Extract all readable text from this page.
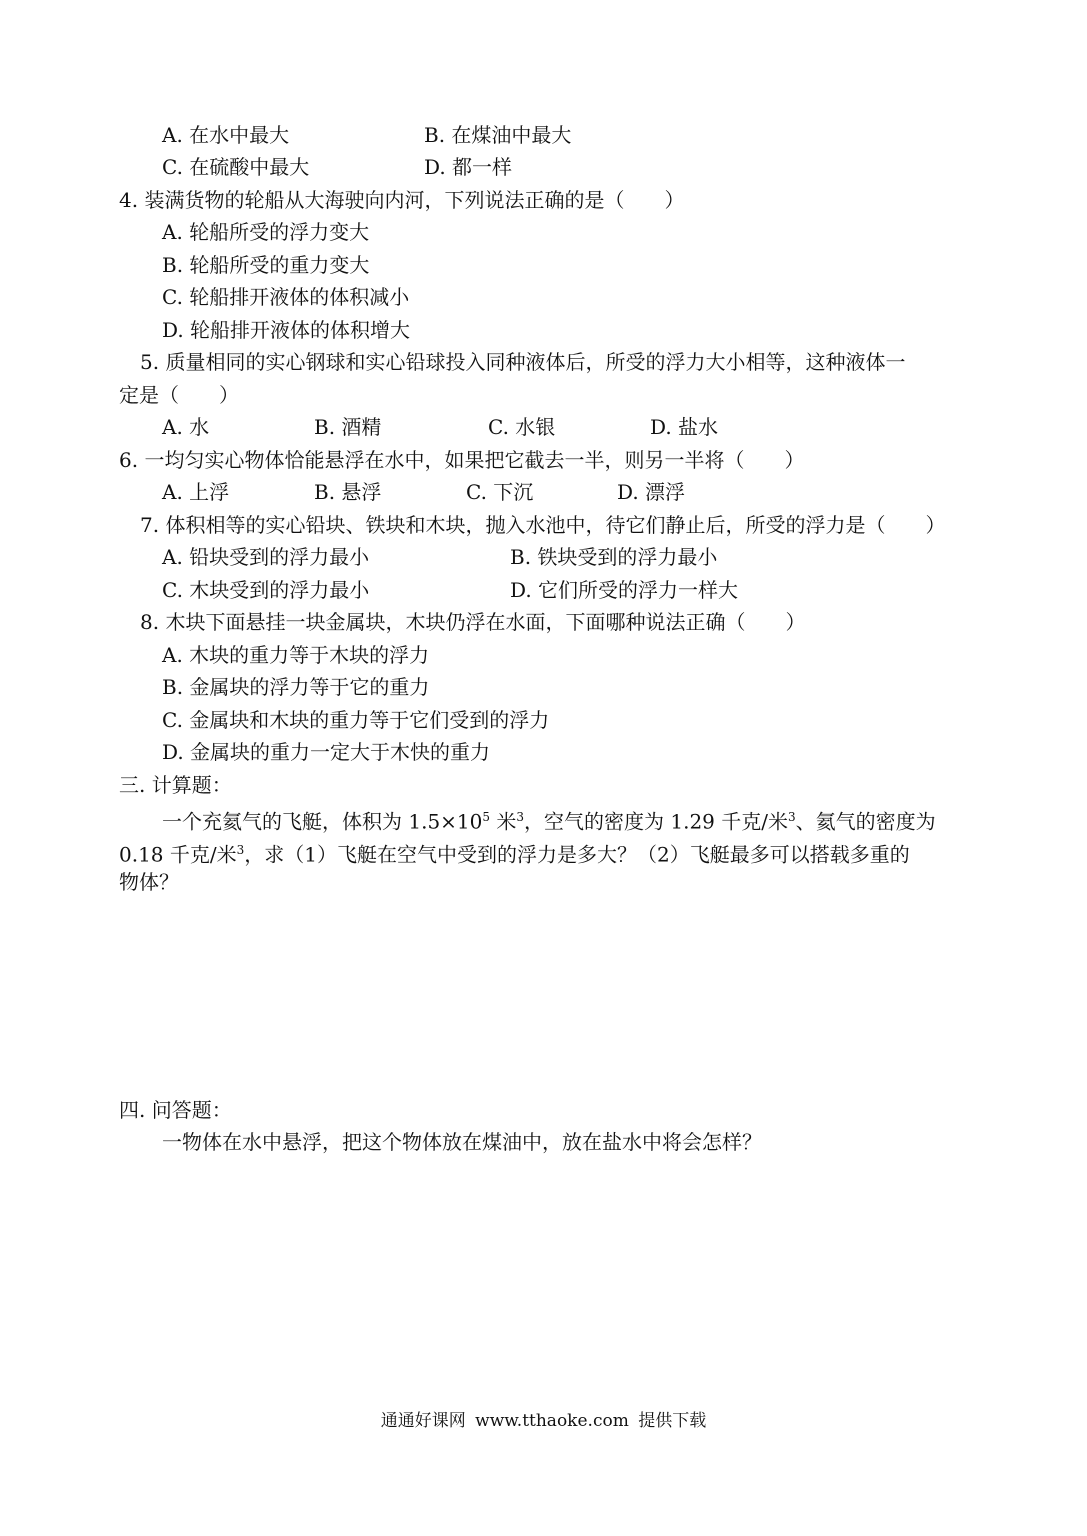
A. 在水中最大	B. 在煤油中最大
C. 在硫酸中最大	D. 都一样
4. 装满货物的轮船从大海驶向内河，下列说法正确的是（　　）
A. 轮船所受的浮力变大
B. 轮船所受的重力变大
C. 轮船排开液体的体积减小
D. 轮船排开液体的体积增大
5. 质量相同的实心钢球和实心铅球投入同种液体后，所受的浮力大小相等，这种液体一
定是（　　）
A. 水	B. 酒精	C. 水银	D. 盐水
6. 一均匀实心物体恰能悬浮在水中，如果把它截去一半，则另一半将（　　）
A. 上浮	B. 悬浮	C. 下沉	D. 漂浮
7. 体积相等的实心铅块、铁块和木块，抛入水池中，待它们静止后，所受的浮力是（　　）
A. 铅块受到的浮力最小	B. 铁块受到的浮力最小
C. 木块受到的浮力最小	D. 它们所受的浮力一样大
8. 木块下面悬挂一块金属块，木块仍浮在水面，下面哪种说法正确（　　）
A. 木块的重力等于木块的浮力
B. 金属块的浮力等于它的重力
C. 金属块和木块的重力等于它们受到的浮力
D. 金属块的重力一定大于木快的重力
三. 计算题：
一个充氦气的飞艇，体积为 $1.5\times 10^5$ 米$^3$，空气的密度为 1.29 千克/米$^3$、氦气的密度为
0.18 千克/米$^3$，求（1）飞艇在空气中受到的浮力是多大？（2）飞艇最多可以搭载多重的
物体？
四. 问答题：
一物体在水中悬浮，把这个物体放在煤油中，放在盐水中将会怎样？
通通好课网 www.tthaoke.com 提供下载
